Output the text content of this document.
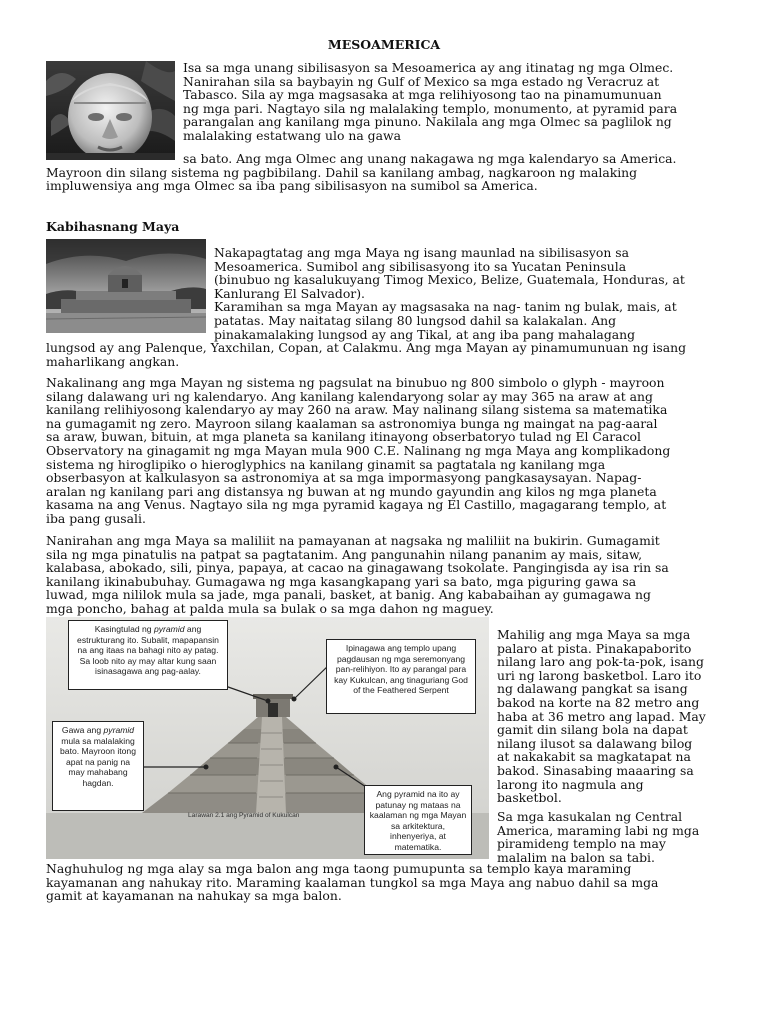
MESOAMERICA
Isa sa mga unang sibilisasyon sa Mesoamerica ay ang itinatag ng mga Olmec.
Nanirahan sila sa baybayin ng Gulf of Mexico sa mga estado ng Veracruz at
Tabasco. Sila ay mga magsasaka at mga relihiyosong tao na pinamumunuan
ng mga pari. Nagtayo sila ng malalaking templo, monumento, at pyramid para
parangalan ang kanilang mga pinuno. Nakilala ang mga Olmec sa paglilok ng
malalaking estatwang ulo na gawa
sa bato. Ang mga Olmec ang unang nakagawa ng mga kalendaryo sa America.
Mayroon din silang sistema ng pagbibilang. Dahil sa kanilang ambag, nagkaroon ng malaking
impluwensiya ang mga Olmec sa iba pang sibilisasyon na sumibol sa America.
Kabihasnang Maya
Nakapagtatag ang mga Maya ng isang maunlad na sibilisasyon sa
Mesoamerica. Sumibol ang sibilisasyong ito sa Yucatan Peninsula
(binubuo ng kasalukuyang Timog Mexico, Belize, Guatemala, Honduras, at
Kanlurang El Salvador).
Karamihan sa mga Mayan ay magsasaka na nag- tanim ng bulak, mais, at
patatas. May naitatag silang 80 lungsod dahil sa kalakalan. Ang
pinakamalaking lungsod ay ang Tikal, at ang iba pang mahalagang
lungsod ay ang Palenque, Yaxchilan, Copan, at Calakmu. Ang mga Mayan ay pinamumunuan ng isang
maharlikang angkan.
Nakalinang ang mga Mayan ng sistema ng pagsulat na binubuo ng 800 simbolo o glyph - mayroon
silang dalawang uri ng kalendaryo. Ang kanilang kalendaryong solar ay may 365 na araw at ang
kanilang relihiyosong kalendaryo ay may 260 na araw. May nalinang silang sistema sa matematika
na gumagamit ng zero. Mayroon silang kaalaman sa astronomiya bunga ng maingat na pag-aaral
sa araw, buwan, bituin, at mga planeta sa kanilang itinayong obserbatoryo tulad ng El Caracol
Observatory na ginagamit ng mga Mayan mula 900 C.E. Nalinang ng mga Maya ang komplikadong
sistema ng hiroglipiko o hieroglyphics na kanilang ginamit sa pagtatala ng kanilang mga
obserbasyon at kalkulasyon sa astronomiya at sa mga impormasyong pangkasaysayan. Napag-
aralan ng kanilang pari ang distansya ng buwan at ng mundo gayundin ang kilos ng mga planeta
kasama na ang Venus. Nagtayo sila ng mga pyramid kagaya ng El Castillo, magagarang templo, at
iba pang gusali.
Nanirahan ang mga Maya sa maliliit na pamayanan at nagsaka ng maliliit na bukirin. Gumagamit
sila ng mga pinatulis na patpat sa pagtatanim. Ang pangunahin nilang pananim ay mais, sitaw,
kalabasa, abokado, sili, pinya, papaya, at cacao na ginagawang tsokolate. Pangingisda ay isa rin sa
kanilang ikinabubuhay. Gumagawa ng mga kasangkapang yari sa bato, mga piguring gawa sa
luwad, mga nililok mula sa jade, mga panali, basket, at banig. Ang kababaihan ay gumagawa ng
mga poncho, bahag at palda mula sa bulak o sa mga dahon ng maguey.
Kasingtulad ng pyramid ang estrukturang ito. Subalit, mapapansin na ang itaas na bahagi nito ay patag. Sa loob nito ay may altar kung saan isinasagawa ang pag-aalay.
Ipinagawa ang templo upang pagdausan ng mga seremonyang pan-relihiyon. Ito ay parangal para kay Kukulcan, ang tinaguriang God of the Feathered Serpent
Gawa ang pyramid mula sa malalaking bato. Mayroon itong apat na panig na may mahabang hagdan.
Ang pyramid na ito ay patunay ng mataas na kaalaman ng mga Mayan sa arkitektura, inhenyeriya, at matematika.
Larawan 2.1 ang Pyramid of Kukulcan
Mahilig ang mga Maya sa mga
palaro at pista. Pinakapaborito
nilang laro ang pok-ta-pok, isang
uri ng larong basketbol. Laro ito
ng dalawang pangkat sa isang
bakod na korte na 82 metro ang
haba at 36 metro ang lapad. May
gamit din silang bola na dapat
nilang ilusot sa dalawang bilog
at nakakabit sa magkatapat na
bakod. Sinasabing maaaring sa
larong ito nagmula ang
basketbol.
Sa mga kasukalan ng Central
America, maraming labi ng mga
piramideng templo na may
malalim na balon sa tabi.
Naghuhulog ng mga alay sa mga balon ang mga taong pumupunta sa templo kaya maraming
kayamanan ang nahukay rito. Maraming kaalaman tungkol sa mga Maya ang nabuo dahil sa mga
gamit at kayamanan na nahukay sa mga balon.
